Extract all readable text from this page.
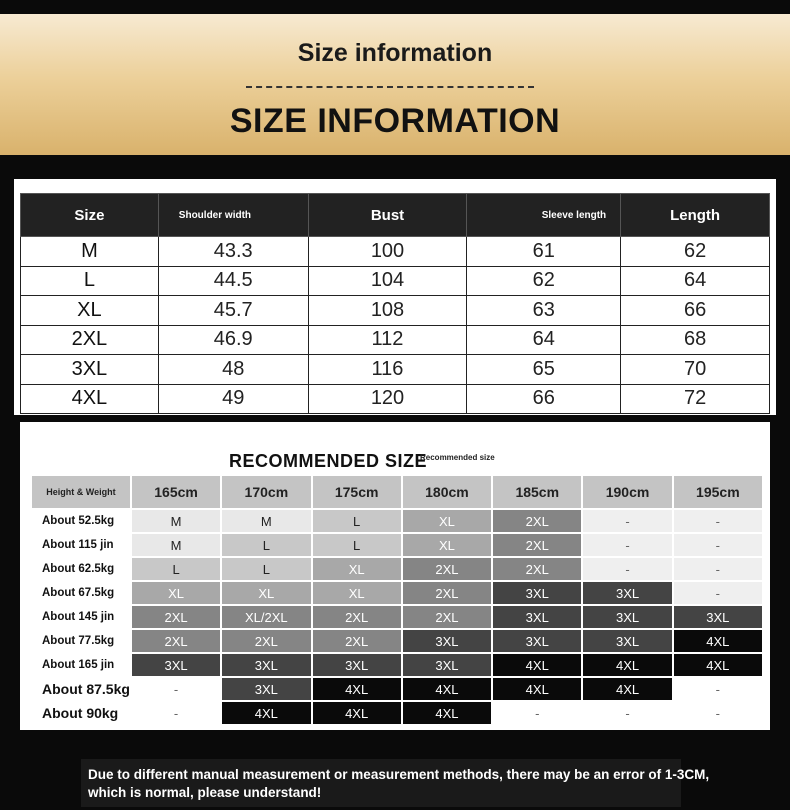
Size information
SIZE INFORMATION
Size	Shoulder width	Bust	Sleeve length	Length
M	43.3	100	61	62
L	44.5	104	62	64
XL	45.7	108	63	66
2XL	46.9	112	64	68
3XL	48	116	65	70
4XL	49	120	66	72
RECOMMENDED SIZE
Recommended size
Height & Weight	165cm	170cm	175cm	180cm	185cm	190cm	195cm
About 52.5kg	M	M	L	XL	2XL	-	-
About 115 jin	M	L	L	XL	2XL	-	-
About 62.5kg	L	L	XL	2XL	2XL	-	-
About 67.5kg	XL	XL	XL	2XL	3XL	3XL	-
About 145 jin	2XL	XL/2XL	2XL	2XL	3XL	3XL	3XL
About 77.5kg	2XL	2XL	2XL	3XL	3XL	3XL	4XL
About 165 jin	3XL	3XL	3XL	3XL	4XL	4XL	4XL
About 87.5kg	-	3XL	4XL	4XL	4XL	4XL	-
About 90kg	-	4XL	4XL	4XL	-	-	-
Due to different manual measurement or measurement methods, there may be an error of 1-3CM, which is normal, please understand!
